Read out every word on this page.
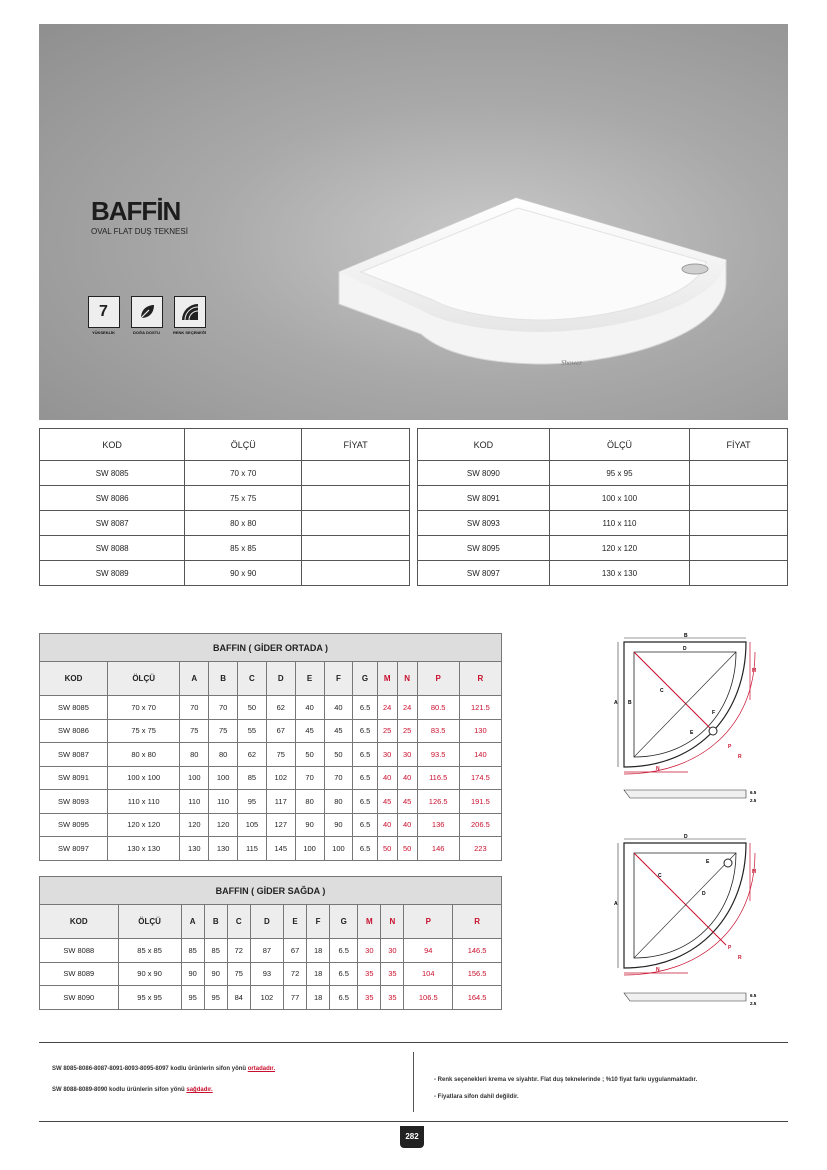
BAFFİN
OVAL FLAT DUŞ TEKNESİ
7
YÜKSEKLİK	DOĞA DOSTU	RENK SEÇENEĞİ
Shower
KOD	ÖLÇÜ	FİYAT
SW 8085	70 x 70	
SW 8086	75 x 75	
SW 8087	80 x 80	
SW 8088	85 x 85	
SW 8089	90 x 90	
KOD	ÖLÇÜ	FİYAT
SW 8090	95 x 95	
SW 8091	100 x 100	
SW 8093	110 x 110	
SW 8095	120 x 120	
SW 8097	130 x 130	
BAFFIN ( GİDER ORTADA )												
KOD	ÖLÇÜ	A	B	C	D	E	F	G	M	N	P	R
SW 8085	70 x 70	70	70	50	62	40	40	6.5	24	24	80.5	121.5
SW 8086	75 x 75	75	75	55	67	45	45	6.5	25	25	83.5	130
SW 8087	80 x 80	80	80	62	75	50	50	6.5	30	30	93.5	140
SW 8091	100 x 100	100	100	85	102	70	70	6.5	40	40	116.5	174.5
SW 8093	110 x 110	110	110	95	117	80	80	6.5	45	45	126.5	191.5
SW 8095	120 x 120	120	120	105	127	90	90	6.5	40	40	136	206.5
SW 8097	130 x 130	130	130	115	145	100	100	6.5	50	50	146	223
BAFFIN ( GİDER SAĞDA )												
KOD	ÖLÇÜ	A	B	C	D	E	F	G	M	N	P	R
SW 8088	85 x 85	85	85	72	87	67	18	6.5	30	30	94	146.5
SW 8089	90 x 90	90	90	75	93	72	18	6.5	35	35	104	156.5
SW 8090	95 x 95	95	95	84	102	77	18	6.5	35	35	106.5	164.5
B
A
C
D
E
F
B
M
N
P
R
6.5
2.5
D
A
C
E
D
M
N
P
R
6.5
2.5
SW 8085-8086-8087-8091-8093-8095-8097 kodlu ürünlerin sifon yönü ortadadır.
SW 8088-8089-8090 kodlu ürünlerin sifon yönü sağdadır.
- Renk seçenekleri krema ve siyahtır. Flat duş teknelerinde ; %10 fiyat farkı uygulanmaktadır.
- Fiyatlara sifon dahil değildir.
282
